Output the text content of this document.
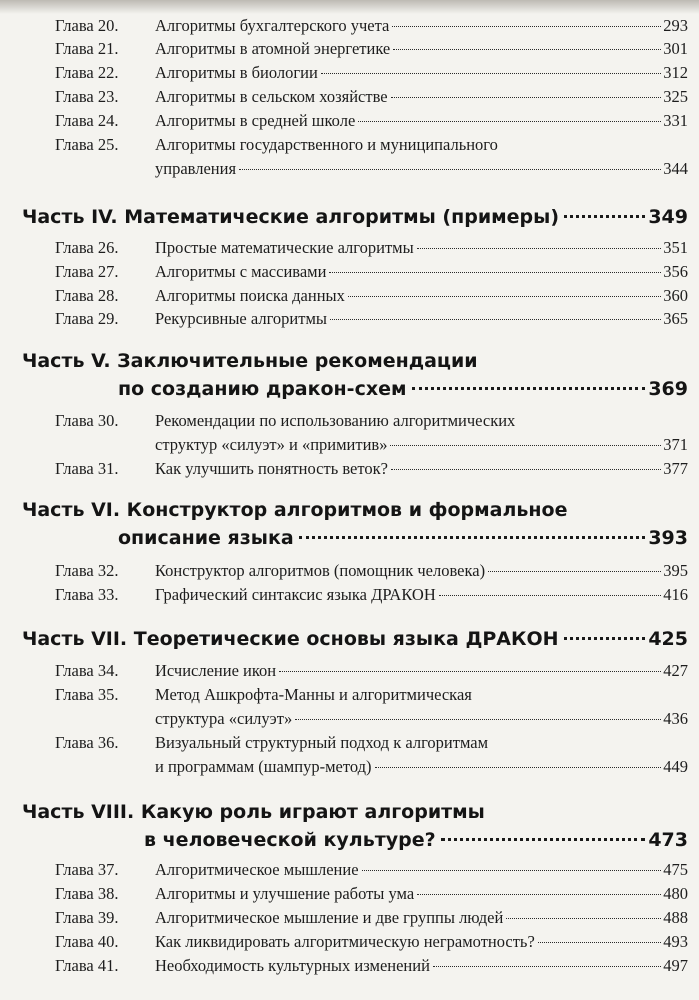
Глава 20. Алгоритмы бухгалтерского учета	293
Глава 21. Алгоритмы в атомной энергетике	301
Глава 22. Алгоритмы в биологии	312
Глава 23. Алгоритмы в сельском хозяйстве	325
Глава 24. Алгоритмы в средней школе	331
Глава 25. Алгоритмы государственного и муниципального
управления	344
Часть IV. Математические алгоритмы (примеры)	349
Глава 26. Простые математические алгоритмы	351
Глава 27. Алгоритмы с массивами	356
Глава 28. Алгоритмы поиска данных	360
Глава 29. Рекурсивные алгоритмы	365
Часть V. Заключительные рекомендации
по созданию дракон-схем	369
Глава 30. Рекомендации по использованию алгоритмических
структур «силуэт» и «примитив»	371
Глава 31. Как улучшить понятность веток?	377
Часть VI. Конструктор алгоритмов и формальное
описание языка	393
Глава 32. Конструктор алгоритмов (помощник человека)	395
Глава 33. Графический синтаксис языка ДРАКОН	416
Часть VII. Теоретические основы языка ДРАКОН	425
Глава 34. Исчисление икон	427
Глава 35. Метод Ашкрофта-Манны и алгоритмическая
структура «силуэт»	436
Глава 36. Визуальный структурный подход к алгоритмам
и программам (шампур-метод)	449
Часть VIII. Какую роль играют алгоритмы
в человеческой культуре?	473
Глава 37. Алгоритмическое мышление	475
Глава 38. Алгоритмы и улучшение работы ума	480
Глава 39. Алгоритмическое мышление и две группы людей	488
Глава 40. Как ликвидировать алгоритмическую неграмотность?	493
Глава 41. Необходимость культурных изменений	497
